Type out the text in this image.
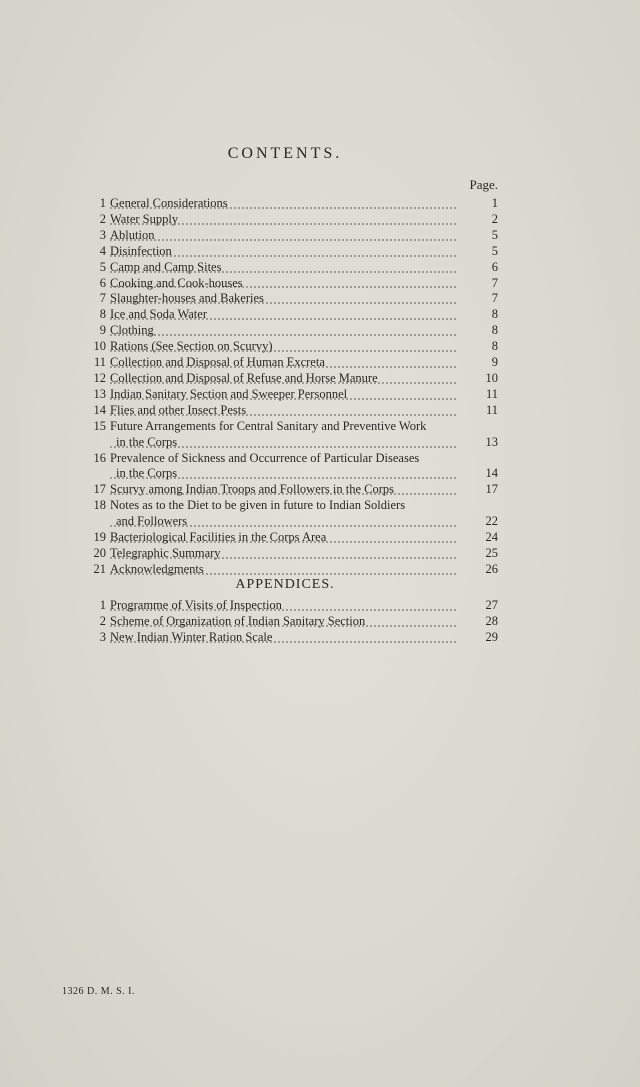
CONTENTS.
Page.
1 General Considerations	1
2 Water Supply	2
3 Ablution	5
4 Disinfection	5
5 Camp and Camp Sites	6
6 Cooking and Cook-houses	7
7 Slaughter-houses and Bakeries	7
8 Ice and Soda Water	8
9 Clothing	8
10 Rations (See Section on Scurvy)	8
11 Collection and Disposal of Human Excreta	9
12 Collection and Disposal of Refuse and Horse Manure	10
13 Indian Sanitary Section and Sweeper Personnel	11
14 Flies and other Insect Pests	11
15 Future Arrangements for Central Sanitary and Preventive Work
in the Corps	13
16 Prevalence of Sickness and Occurrence of Particular Diseases
in the Corps	14
17 Scurvy among Indian Troops and Followers in the Corps	17
18 Notes as to the Diet to be given in future to Indian Soldiers
and Followers	22
19 Bacteriological Facilities in the Corps Area	24
20 Telegraphic Summary	25
21 Acknowledgments	26
APPENDICES.
1 Programme of Visits of Inspection	27
2 Scheme of Organization of Indian Sanitary Section	28
3 New Indian Winter Ration Scale	29
1326 D. M. S. I.
